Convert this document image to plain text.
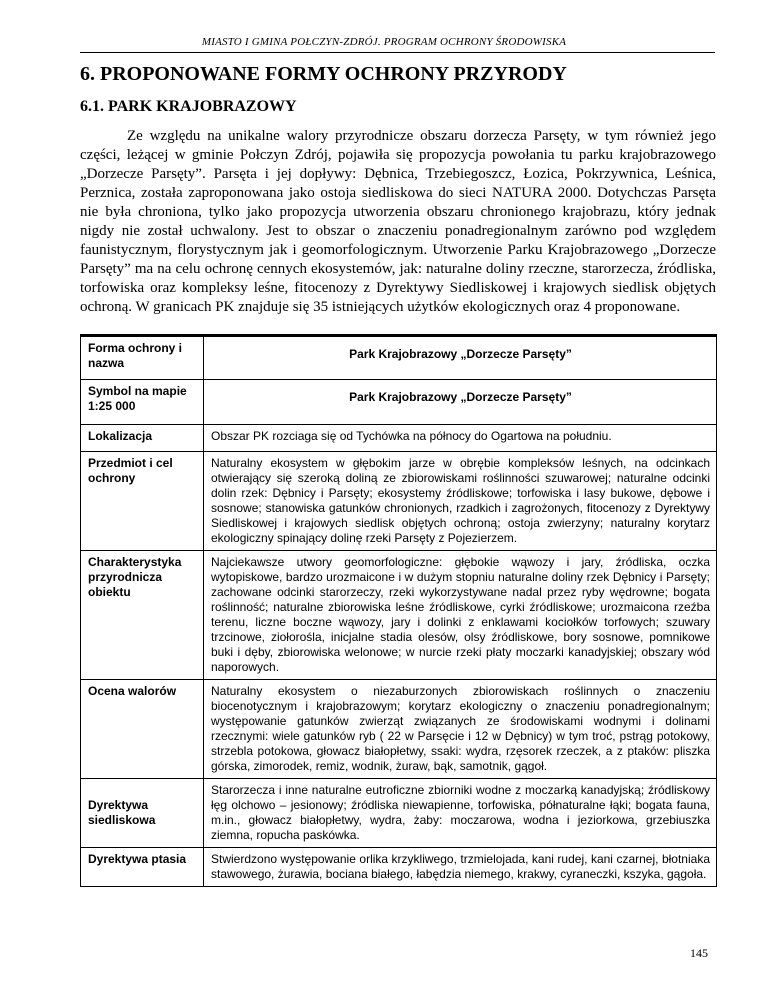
MIASTO I GMINA POŁCZYN-ZDRÓJ. PROGRAM OCHRONY ŚRODOWISKA
6. PROPONOWANE FORMY OCHRONY PRZYRODY
6.1. PARK KRAJOBRAZOWY

Ze względu na unikalne walory przyrodnicze obszaru dorzecza Parsęty, w tym również jego części, leżącej w gminie Połczyn Zdrój, pojawiła się propozycja powołania tu parku krajobrazowego „Dorzecze Parsęty”. Parsęta i jej dopływy: Dębnica, Trzebiegoszcz, Łozica, Pokrzywnica, Leśnica, Perznica, została zaproponowana jako ostoja siedliskowa do sieci NATURA 2000. Dotychczas Parsęta nie była chroniona, tylko jako propozycja utworzenia obszaru chronionego krajobrazu, który jednak nigdy nie został uchwalony. Jest to obszar o znaczeniu ponadregionalnym zarówno pod względem faunistycznym, florystycznym jak i geomorfologicznym. Utworzenie Parku Krajobrazowego „Dorzecze Parsęty” ma na celu ochronę cennych ekosystemów, jak: naturalne doliny rzeczne, starorzecza, źródliska, torfowiska oraz kompleksy leśne, fitocenozy z Dyrektywy Siedliskowej i krajowych siedlisk objętych ochroną. W granicach PK znajduje się 35 istniejących użytków ekologicznych oraz 4 proponowane.

Forma ochrony i nazwa	Park Krajobrazowy „Dorzecze Parsęty”
Symbol na mapie 1:25 000	Park Krajobrazowy „Dorzecze Parsęty”
Lokalizacja	Obszar PK rozciaga się od Tychówka na północy do Ogartowa na południu.
Przedmiot i cel ochrony	Naturalny ekosystem w głębokim jarze w obrębie kompleksów leśnych, na odcinkach otwierający się szeroką doliną ze zbiorowiskami roślinności szuwarowej; naturalne odcinki dolin rzek: Dębnicy i Parsęty; ekosystemy źródliskowe; torfowiska i lasy bukowe, dębowe i sosnowe; stanowiska gatunków chronionych, rzadkich i zagrożonych, fitocenozy z Dyrektywy Siedliskowej i krajowych siedlisk objętych ochroną; ostoja zwierzyny; naturalny korytarz ekologiczny spinający dolinę rzeki Parsęty z Pojezierzem.
Charakterystyka przyrodnicza obiektu	Najciekawsze utwory geomorfologiczne: głębokie wąwozy i jary, źródliska, oczka wytopiskowe, bardzo urozmaicone i w dużym stopniu naturalne doliny rzek Dębnicy i Parsęty; zachowane odcinki starorzeczy, rzeki wykorzystywane nadal przez ryby wędrowne; bogata roślinność; naturalne zbiorowiska leśne źródliskowe, cyrki źródliskowe; urozmaicona rzeźba terenu, liczne boczne wąwozy, jary i dolinki z enklawami kociołków torfowych; szuwary trzcinowe, ziołorośla, inicjalne stadia olesów, olsy źródliskowe, bory sosnowe, pomnikowe buki i dęby, zbiorowiska welonowe; w nurcie rzeki płaty moczarki kanadyjskiej; obszary wód naporowych.
Ocena walorów	Naturalny ekosystem o niezaburzonych zbiorowiskach roślinnych o znaczeniu biocenotycznym i krajobrazowym; korytarz ekologiczny o znaczeniu ponadregionalnym; występowanie gatunków zwierząt związanych ze środowiskami wodnymi i dolinami rzecznymi: wiele gatunków ryb ( 22 w Parsęcie i 12 w Dębnicy) w tym troć, pstrąg potokowy, strzebla potokowa, głowacz białopłetwy, ssaki: wydra, rzęsorek rzeczek, a z ptaków: pliszka górska, zimorodek, remiz, wodnik, żuraw, bąk, samotnik, gągoł.
Dyrektywa siedliskowa	Starorzecza i inne naturalne eutroficzne zbiorniki wodne z moczarką kanadyjską; źródliskowy łęg olchowo – jesionowy; źródliska niewapienne, torfowiska, półnaturalne łąki; bogata fauna, m.in., głowacz białopłetwy, wydra, żaby: moczarowa, wodna i jeziorkowa, grzebiuszka ziemna, ropucha paskówka.
Dyrektywa ptasia	Stwierdzono występowanie orlika krzykliwego, trzmielojada, kani rudej, kani czarnej, błotniaka stawowego, żurawia, bociana białego, łabędzia niemego, krakwy, cyraneczki, kszyka, gągoła.
145
